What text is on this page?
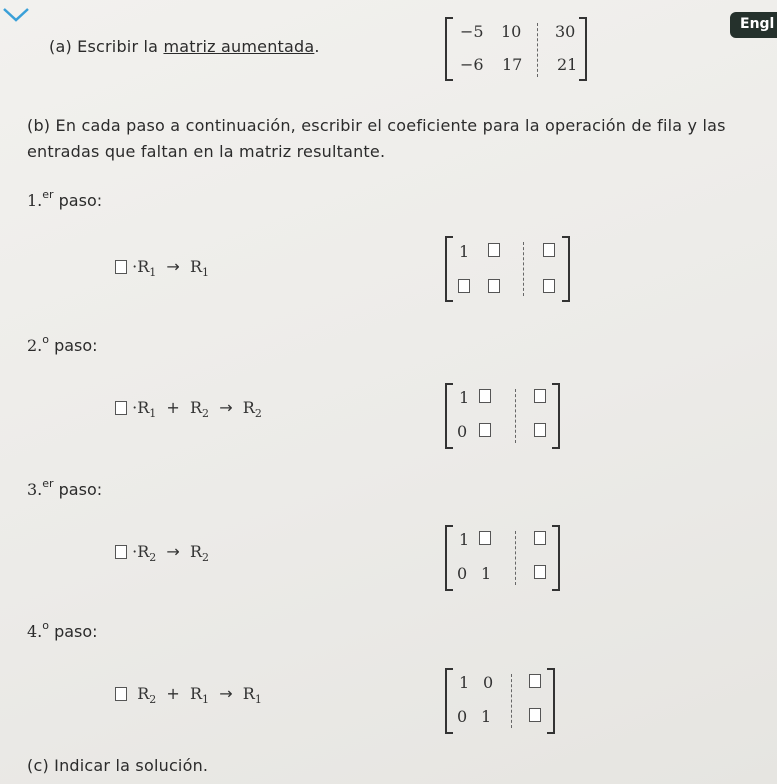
Engl
(a) Escribir la matriz aumentada.
−5 10 30
−6 17 21
(b) En cada paso a continuación, escribir el coeficiente para la operación de fila y las entradas que faltan en la matriz resultante.
1.$^{er}$ paso:
$\cdot R_1 \to R_1$
1
2.$^o$ paso:
$\cdot R_1 + R_2 \to R_2$
1
0
3.$^{er}$ paso:
$\cdot R_2 \to R_2$
1
0 1
4.$^o$ paso:
$R_2 + R_1 \to R_1$
1 0
0 1
(c) Indicar la solución.
